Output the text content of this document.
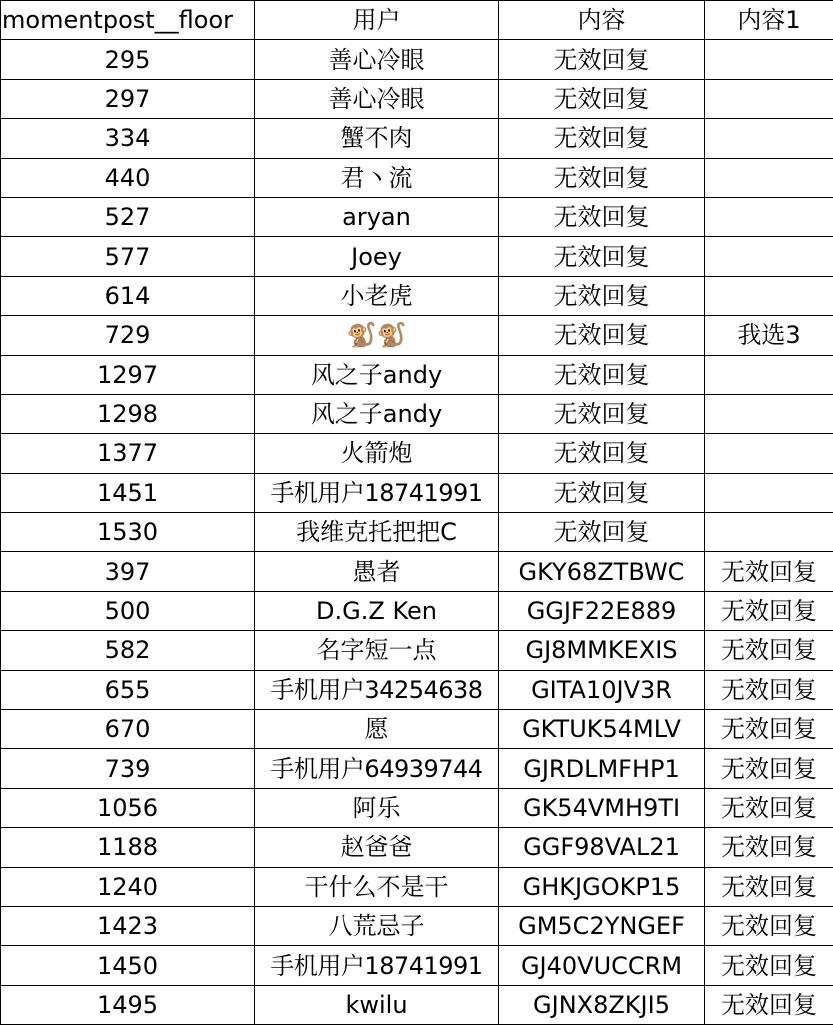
momentpost__floor	用户	内容	内容1
295	善心冷眼	无效回复	
297	善心冷眼	无效回复	
334	蟹不肉	无效回复	
440	君丶流	无效回复	
527	aryan	无效回复	
577	Joey	无效回复	
614	小老虎	无效回复	
729	🐒🐒	无效回复	我选3
1297	风之子andy	无效回复	
1298	风之子andy	无效回复	
1377	火箭炮	无效回复	
1451	手机用户18741991	无效回复	
1530	我维克托把把C	无效回复	
397	愚者	GKY68ZTBWC	无效回复
500	D.G.Z Ken	GGJF22E889	无效回复
582	名字短一点	GJ8MMKEXIS	无效回复
655	手机用户34254638	GITA10JV3R	无效回复
670	愿	GKTUK54MLV	无效回复
739	手机用户64939744	GJRDLMFHP1	无效回复
1056	阿乐	GK54VMH9TI	无效回复
1188	赵爸爸	GGF98VAL21	无效回复
1240	干什么不是干	GHKJGOKP15	无效回复
1423	八荒忌子	GM5C2YNGEF	无效回复
1450	手机用户18741991	GJ40VUCCRM	无效回复
1495	kwilu	GJNX8ZKJI5	无效回复
